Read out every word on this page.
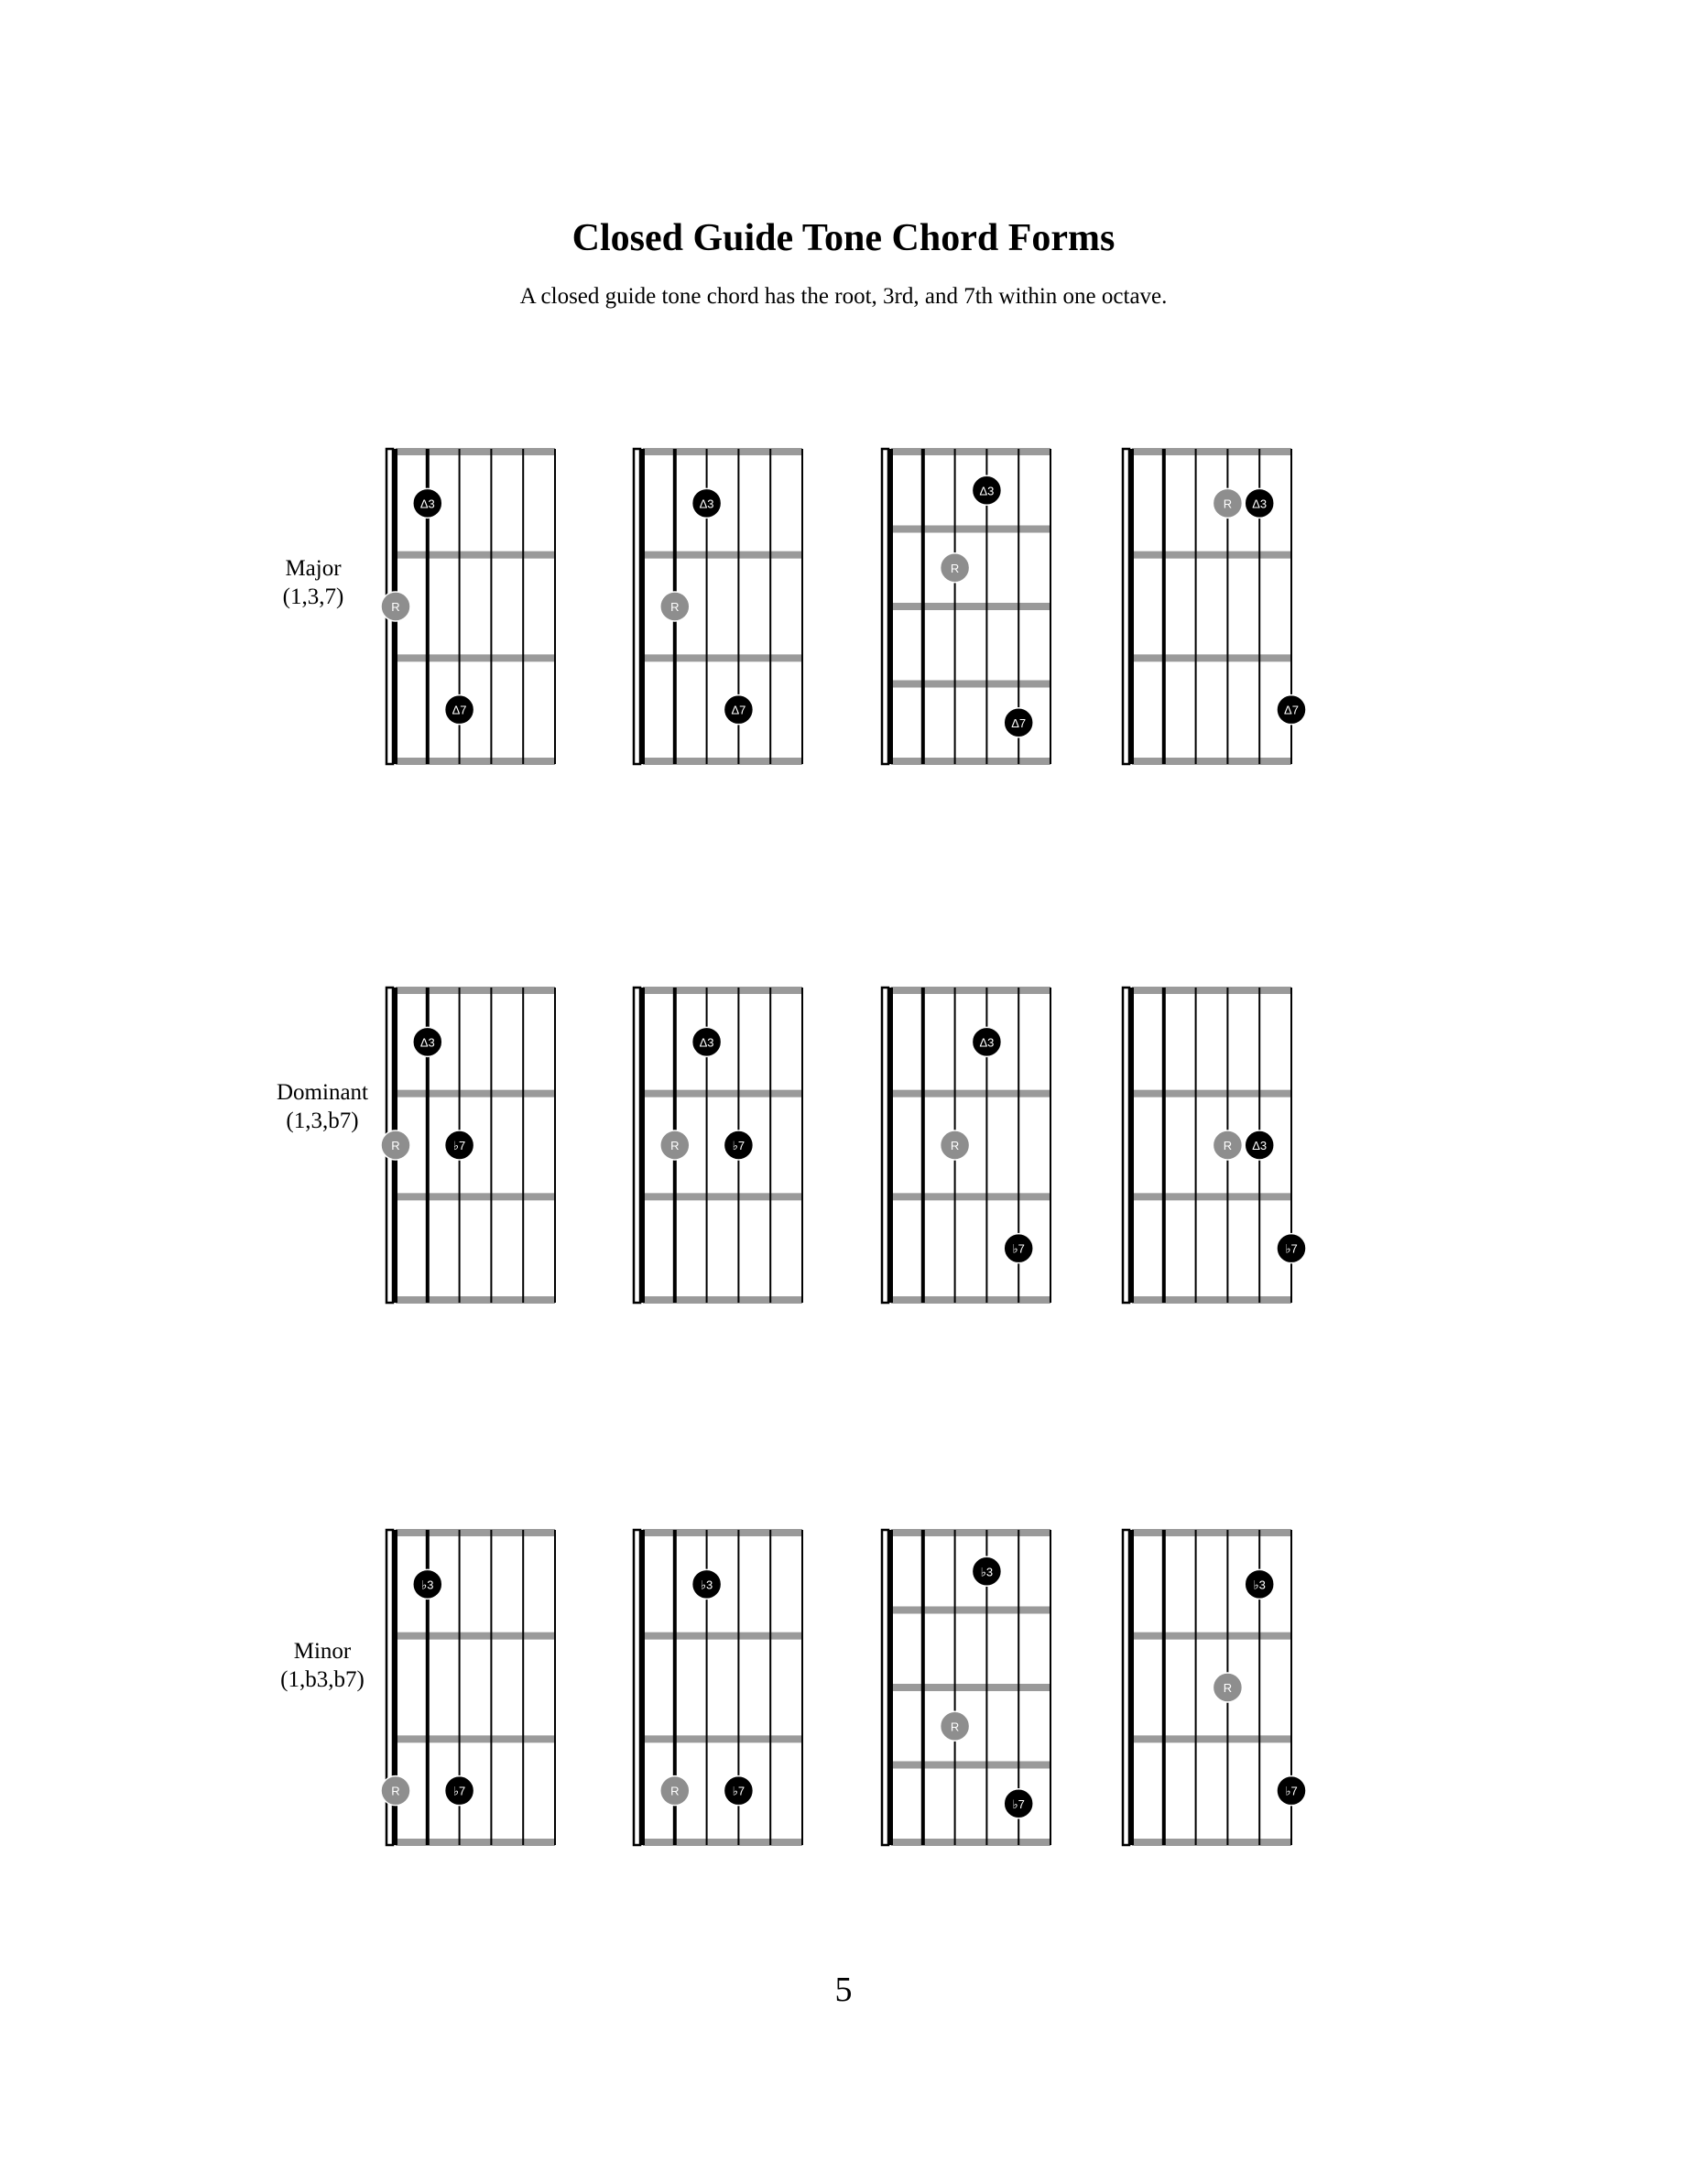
Closed Guide Tone Chord Forms
A closed guide tone chord has the root, 3rd, and 7th within one octave.
Major
(1,3,7)
Dominant
(1,3,b7)
Minor
(1,b3,b7)
Δ3
R
Δ7
Δ3
R
Δ7
Δ3
R
Δ7
R Δ3
Δ7
Δ3
R	♭7
Δ3
R	♭7
Δ3
R
♭7
R Δ3
♭7
♭3
R	♭7
♭3
R	♭7
♭3
R
♭7
♭3
R
♭7
5
